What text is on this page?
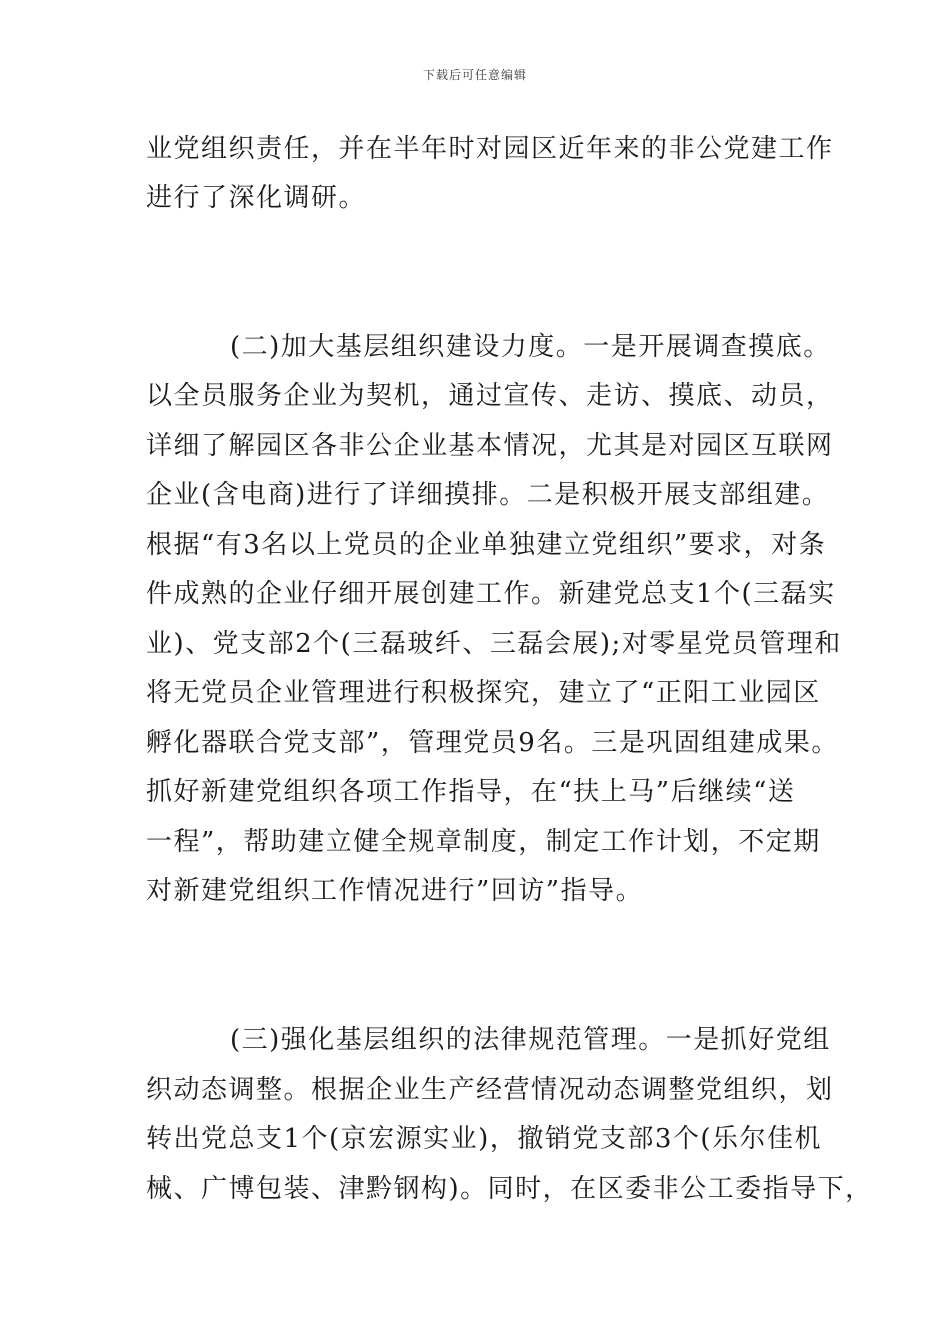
下载后可任意编辑
业党组织责任，并在半年时对园区近年来的非公党建工作
进行了深化调研。
(二)加大基层组织建设力度。一是开展调查摸底。
以全员服务企业为契机，通过宣传、走访、摸底、动员，
详细了解园区各非公企业基本情况，尤其是对园区互联网
企业(含电商)进行了详细摸排。二是积极开展支部组建。
根据“有3名以上党员的企业单独建立党组织”要求，对条
件成熟的企业仔细开展创建工作。新建党总支1个(三磊实
业)、党支部2个(三磊玻纤、三磊会展);对零星党员管理和
将无党员企业管理进行积极探究，建立了“正阳工业园区
孵化器联合党支部”，管理党员9名。三是巩固组建成果。
抓好新建党组织各项工作指导，在“扶上马”后继续“送
一程”，帮助建立健全规章制度，制定工作计划，不定期
对新建党组织工作情况进行”回访”指导。
(三)强化基层组织的法律规范管理。一是抓好党组
织动态调整。根据企业生产经营情况动态调整党组织，划
转出党总支1个(京宏源实业)，撤销党支部3个(乐尔佳机
械、广博包装、津黔钢构)。同时，在区委非公工委指导下，
